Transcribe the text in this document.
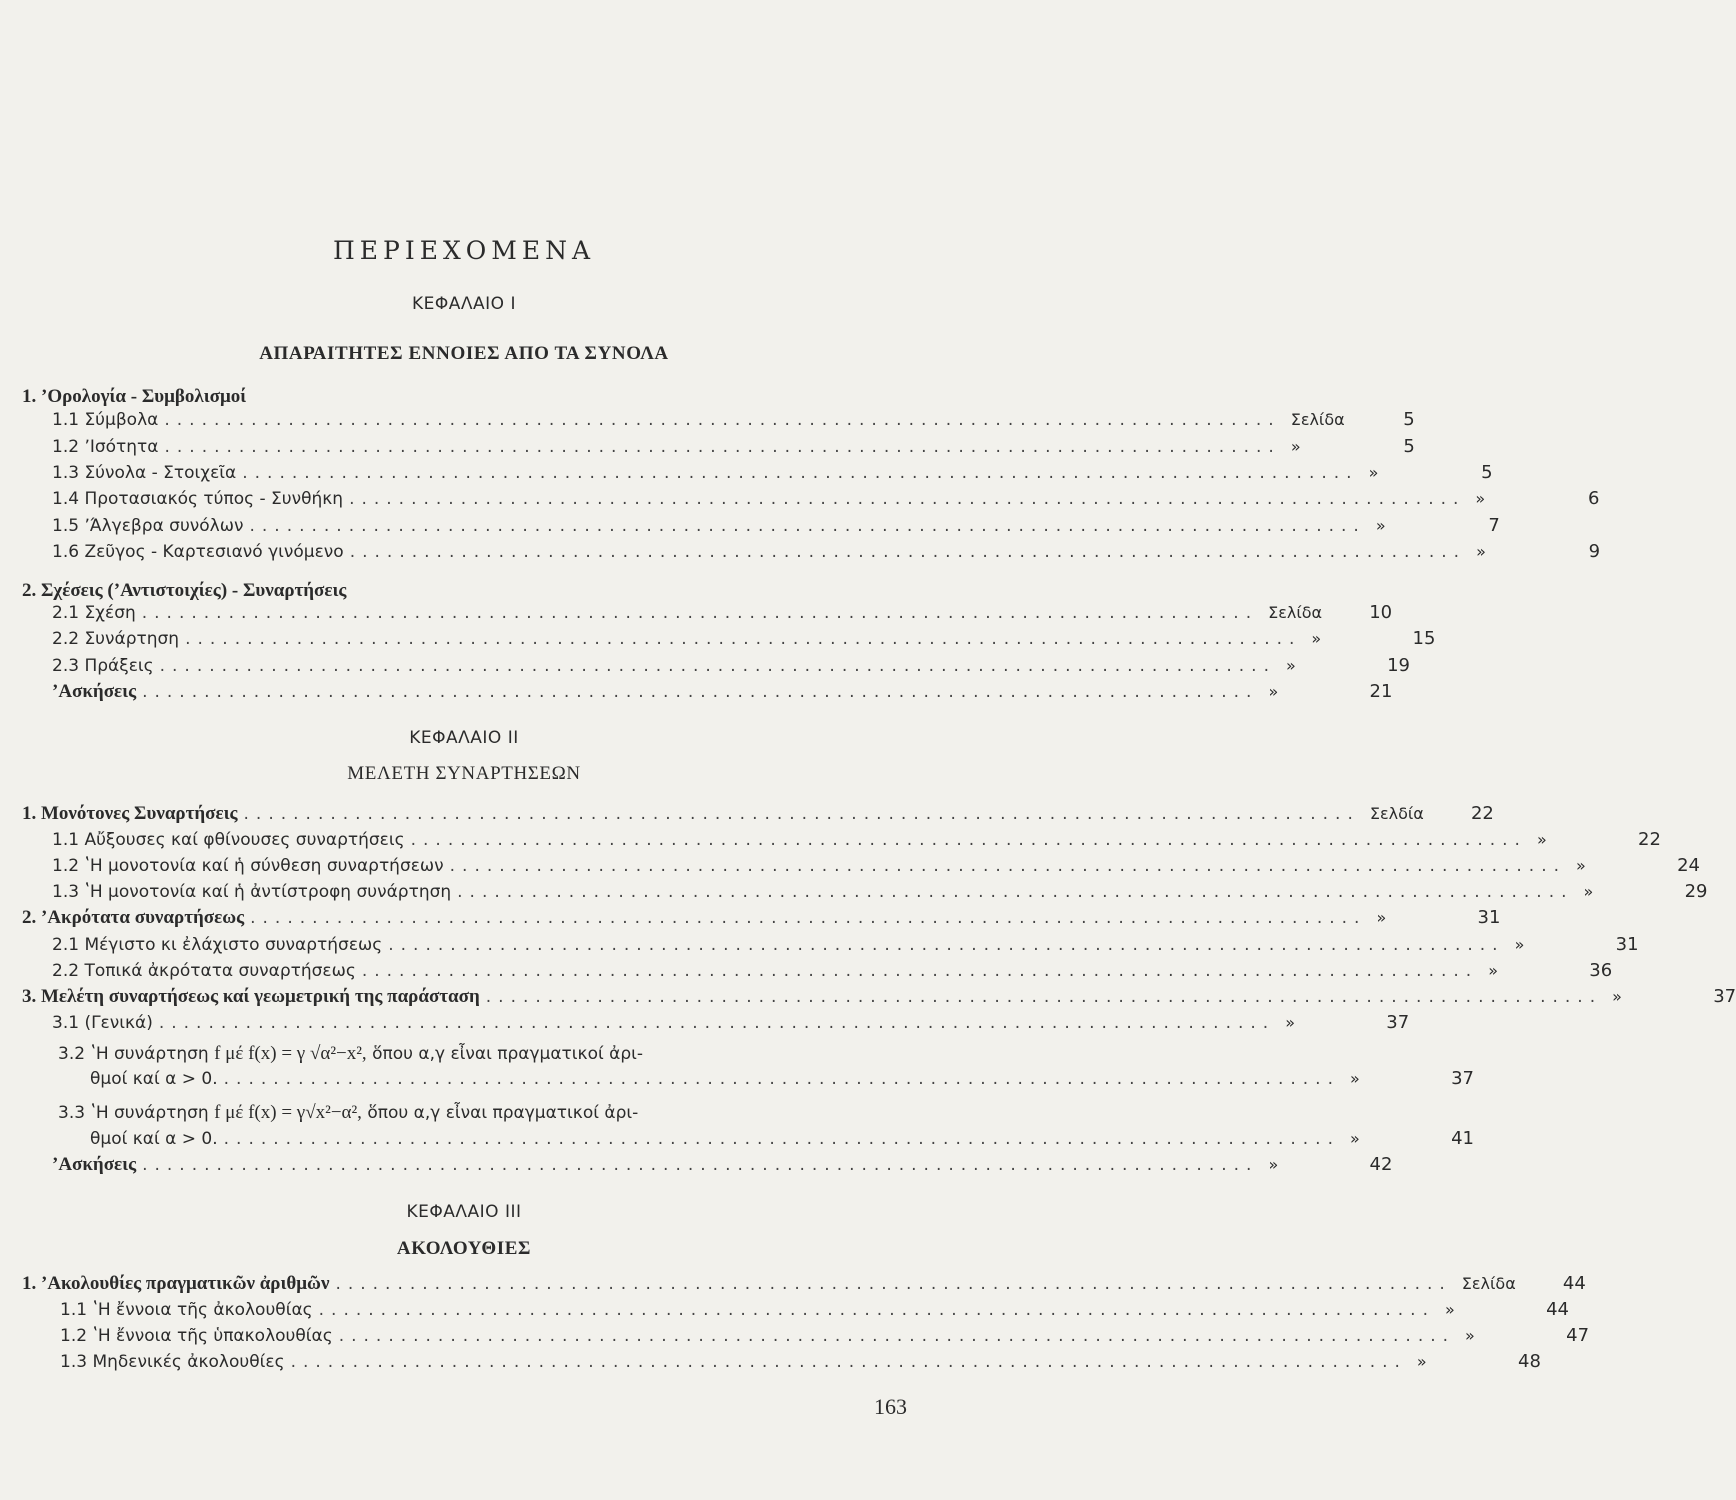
ΠΕΡΙΕΧΟΜΕΝΑ
ΚΕΦΑΛΑΙΟ I
ΑΠΑΡΑΙΤΗΤΕΣ ΕΝΝΟΙΕΣ ΑΠΟ ΤΑ ΣΥΝΟΛΑ
1. ʼΟρολογία - Συμβολισμοί
1.1 Σύμβολα .......................................................................................... Σελίδα	5
1.2 ʼΙσότητα .......................................................................................... »	5
1.3 Σύνολα - Στοιχεῖα .......................................................................................... »	5
1.4 Προτασιακός τύπος - Συνθήκη .......................................................................................... »	6
1.5 ʼΆλγεβρα συνόλων .......................................................................................... »	7
1.6 Ζεῦγος - Καρτεσιανό γινόμενο .......................................................................................... »	9
2. Σχέσεις (ʼΑντιστοιχίες) - Συναρτήσεις
2.1 Σχέση .......................................................................................... Σελίδα	10
2.2 Συνάρτηση .......................................................................................... »	15
2.3 Πράξεις .......................................................................................... »	19
ʼΑσκήσεις .......................................................................................... »	21
ΚΕΦΑΛΑΙΟ II
ΜΕΛΕΤΗ ΣΥΝΑΡΤΗΣΕΩΝ
1. Μονότονες Συναρτήσεις .......................................................................................... Σελδία	22
1.1 Αὔξουσες καί φθίνουσες συναρτήσεις .......................................................................................... »	22
1.2 ʽΗ μονοτονία καί ἡ σύνθεση συναρτήσεων .......................................................................................... »	24
1.3 ʽΗ μονοτονία καί ἡ ἀντίστροφη συνάρτηση .......................................................................................... »	29
2. ʼΑκρότατα συναρτήσεως .......................................................................................... »	31
2.1 Μέγιστο κι ἐλάχιστο συναρτήσεως .......................................................................................... »	31
2.2 Τοπικά ἀκρότατα συναρτήσεως .......................................................................................... »	36
3. Μελέτη συναρτήσεως καί γεωμετρική της παράσταση .......................................................................................... »	37
3.1 (Γενικά) .......................................................................................... »	37
3.2 ʽΗ συνάρτηση f μέ f(x) = γ √α²−x², ὅπου α,γ εἶναι πραγματικοί ἀρι-
θμοί καί α > 0. .......................................................................................... »	37
3.3 ʽΗ συνάρτηση f μέ f(x) = γ√x²−α², ὅπου α,γ εἶναι πραγματικοί ἀρι-
θμοί καί α > 0. .......................................................................................... »	41
ʼΑσκήσεις .......................................................................................... »	42
ΚΕΦΑΛΑΙΟ III
ΑΚΟΛΟΥΘΙΕΣ
1. ʼΑκολουθίες πραγματικῶν ἀριθμῶν .......................................................................................... Σελίδα	44
1.1 ʽΗ ἔννοια τῆς ἀκολουθίας .......................................................................................... »	44
1.2 ʽΗ ἔννοια τῆς ὑπακολουθίας .......................................................................................... »	47
1.3 Μηδενικές ἀκολουθίες .......................................................................................... »	48
163
